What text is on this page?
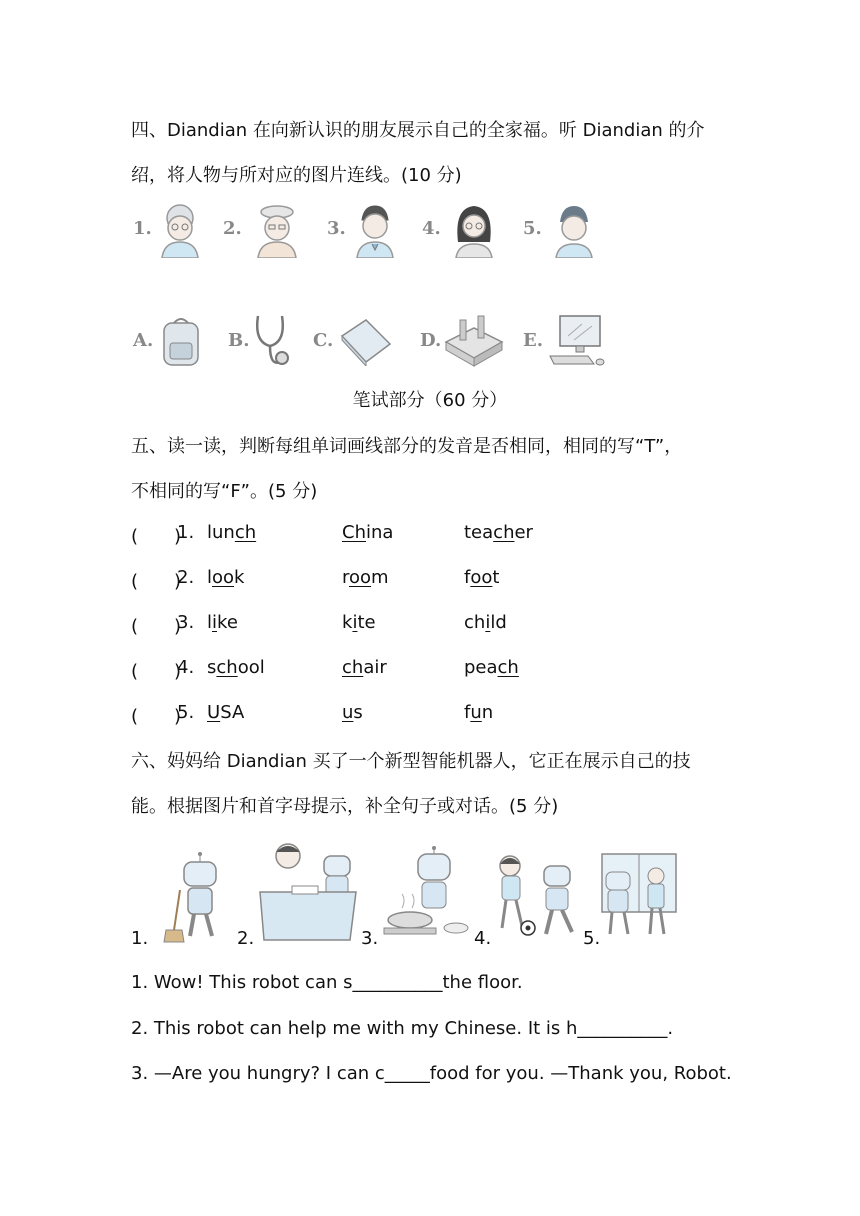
四、Diandian 在向新认识的朋友展示自己的全家福。听 Diandian 的介
绍，将人物与所对应的图片连线。(10 分)
1.	2.	3.	4.	5.
A.	B.	C.	D.	E.
笔试部分（60 分）
五、读一读，判断每组单词画线部分的发音是否相同，相同的写“T”，
不相同的写“F”。(5 分)
(　　)
1. lunch	China	teacher
(　　)
2. look	room	foot
(　　)
3. like	kite	child
(　　)
4. school	chair	peach
(　　)
5. USA	us	fun
六、妈妈给 Diandian 买了一个新型智能机器人，它正在展示自己的技
能。根据图片和首字母提示，补全句子或对话。(5 分)
1.	2.	3.	4.	5.
1. Wow! This robot can s__________the floor.
2. This robot can help me with my Chinese. It is h__________.
3. —Are you hungry? I can c_____food for you. —Thank you, Robot.
